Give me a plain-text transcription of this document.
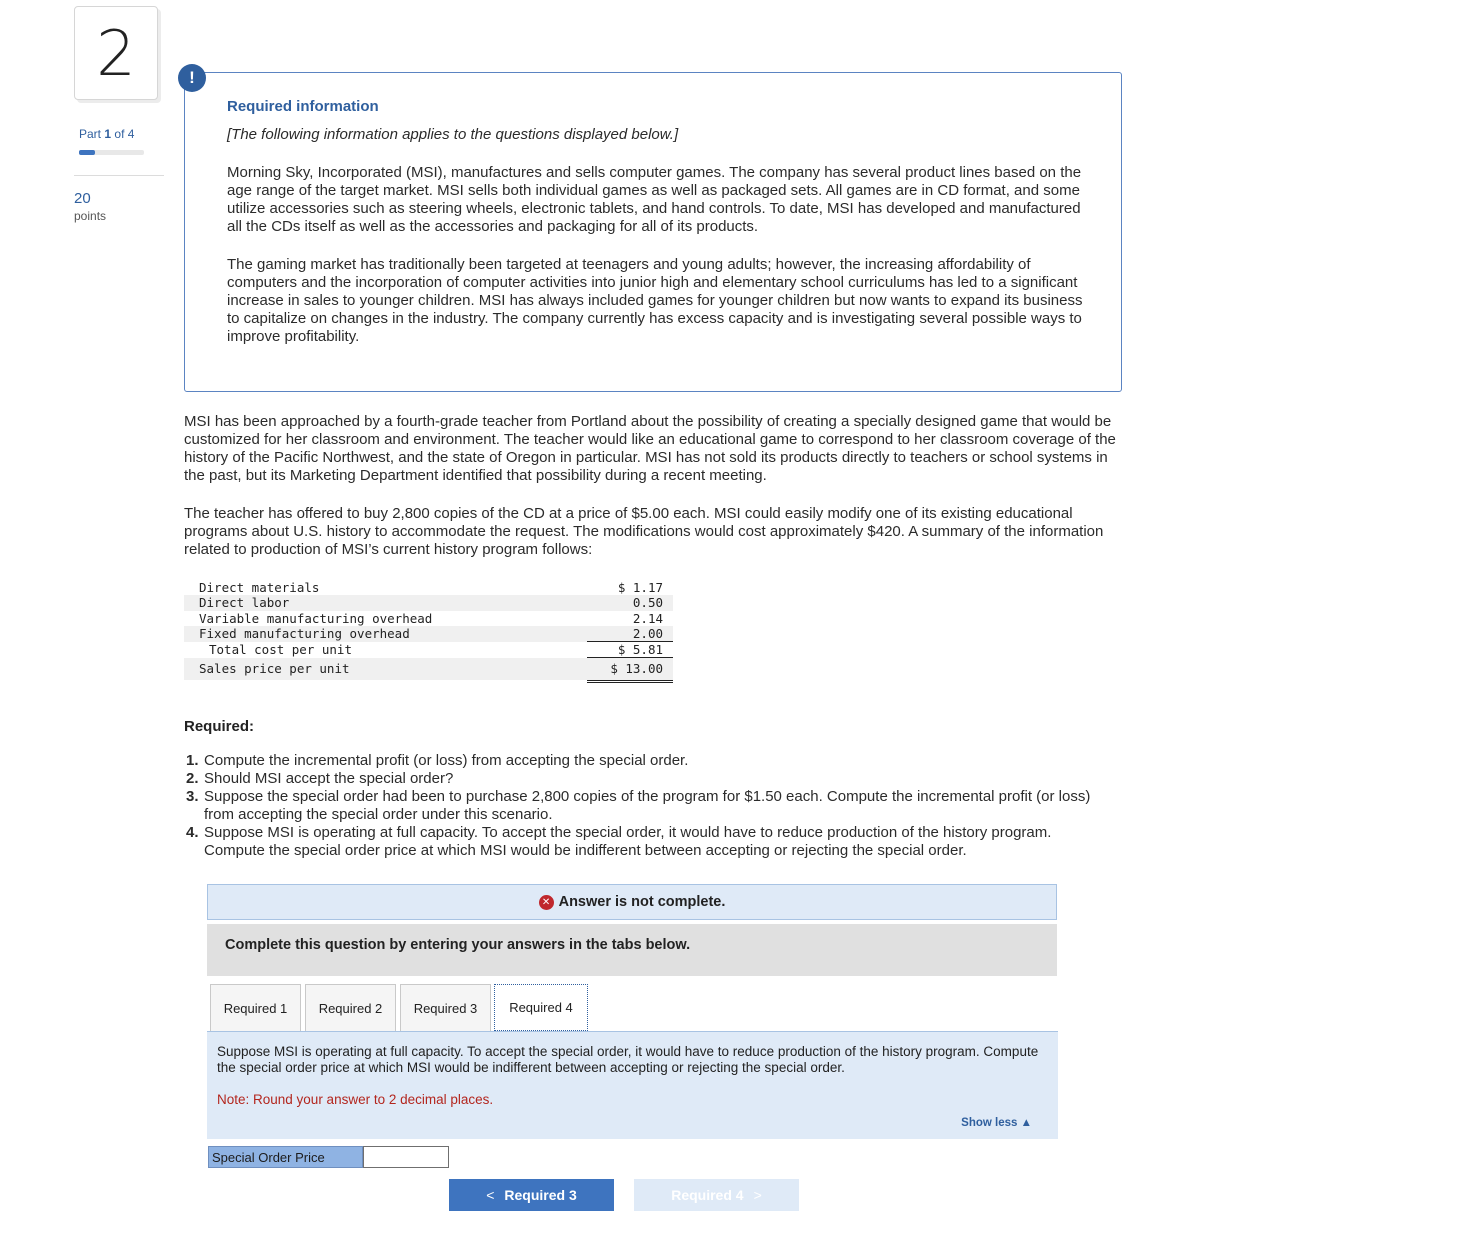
2
Part 1 of 4
20
points
!
Required information
[The following information applies to the questions displayed below.]
Morning Sky, Incorporated (MSI), manufactures and sells computer games. The company has several product lines based on the age range of the target market. MSI sells both individual games as well as packaged sets. All games are in CD format, and some utilize accessories such as steering wheels, electronic tablets, and hand controls. To date, MSI has developed and manufactured all the CDs itself as well as the accessories and packaging for all of its products.
The gaming market has traditionally been targeted at teenagers and young adults; however, the increasing affordability of computers and the incorporation of computer activities into junior high and elementary school curriculums has led to a significant increase in sales to younger children. MSI has always included games for younger children but now wants to expand its business to capitalize on changes in the industry. The company currently has excess capacity and is investigating several possible ways to improve profitability.
MSI has been approached by a fourth-grade teacher from Portland about the possibility of creating a specially designed game that would be customized for her classroom and environment. The teacher would like an educational game to correspond to her classroom coverage of the history of the Pacific Northwest, and the state of Oregon in particular. MSI has not sold its products directly to teachers or school systems in the past, but its Marketing Department identified that possibility during a recent meeting.
The teacher has offered to buy 2,800 copies of the CD at a price of $5.00 each. MSI could easily modify one of its existing educational programs about U.S. history to accommodate the request. The modifications would cost approximately $420. A summary of the information related to production of MSI’s current history program follows:
Direct materials	$ 1.17
Direct labor	0.50
Variable manufacturing overhead	2.14
Fixed manufacturing overhead	2.00
Total cost per unit	$ 5.81
Sales price per unit	$ 13.00
Required:
1. Compute the incremental profit (or loss) from accepting the special order.
2. Should MSI accept the special order?
3. Suppose the special order had been to purchase 2,800 copies of the program for $1.50 each. Compute the incremental profit (or loss) from accepting the special order under this scenario.
4. Suppose MSI is operating at full capacity. To accept the special order, it would have to reduce production of the history program. Compute the special order price at which MSI would be indifferent between accepting or rejecting the special order.
✕ Answer is not complete.
Complete this question by entering your answers in the tabs below.
Required 1	Required 2	Required 3	Required 4
Suppose MSI is operating at full capacity. To accept the special order, it would have to reduce production of the history program. Compute the special order price at which MSI would be indifferent between accepting or rejecting the special order.
Note: Round your answer to 2 decimal places.
Show less ▲
Special Order Price
< Required 3	Required 4 >
